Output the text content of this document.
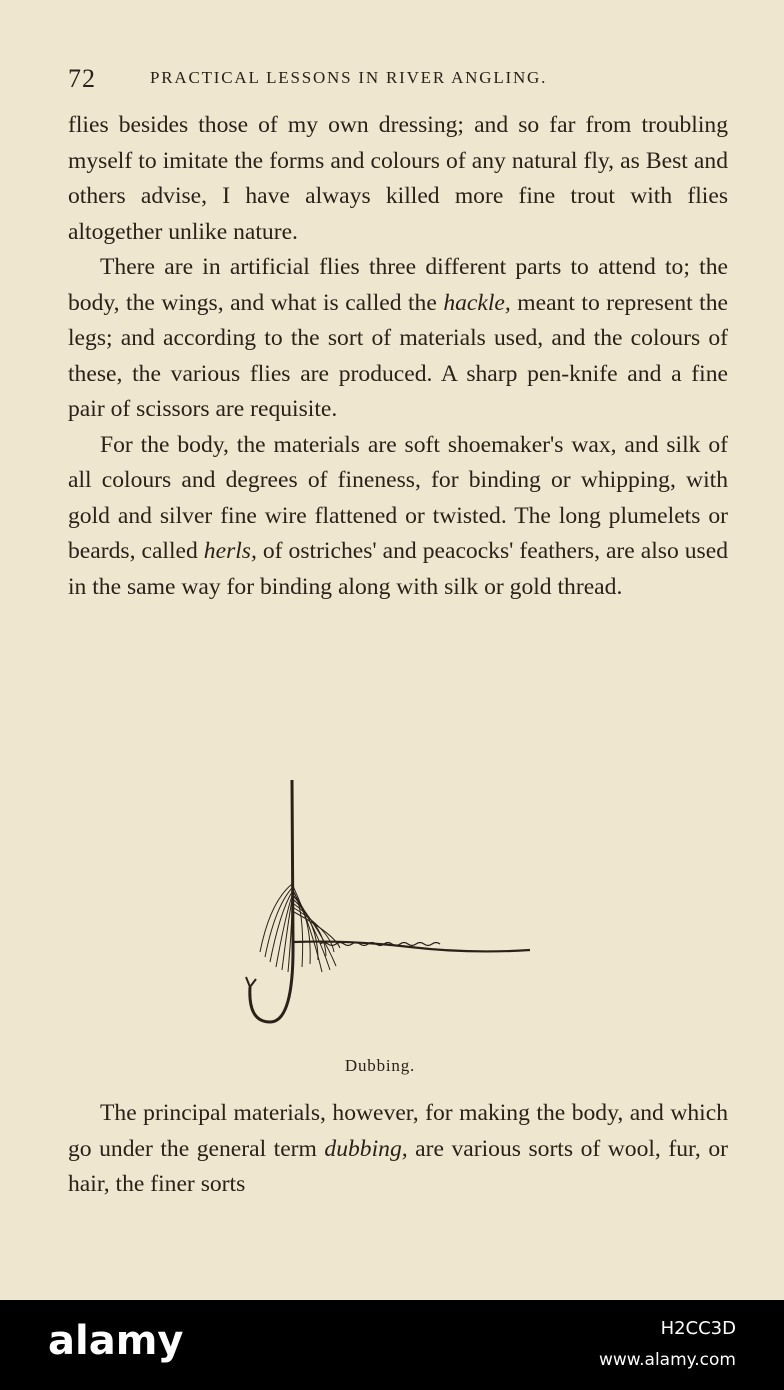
72	PRACTICAL LESSONS IN RIVER ANGLING.

flies besides those of my own dressing; and so far from troubling myself to imitate the forms and colours of any natural fly, as Best and others advise, I have always killed more fine trout with flies altogether unlike nature.

There are in artificial flies three different parts to attend to; the body, the wings, and what is called the hackle, meant to represent the legs; and according to the sort of materials used, and the colours of these, the various flies are produced. A sharp pen-knife and a fine pair of scissors are requisite.

For the body, the materials are soft shoemaker's wax, and silk of all colours and degrees of fineness, for binding or whipping, with gold and silver fine wire flattened or twisted. The long plumelets or beards, called herls, of ostriches' and peacocks' feathers, are also used in the same way for binding along with silk or gold thread.

Dubbing.

The principal materials, however, for making the body, and which go under the general term dubbing, are various sorts of wool, fur, or hair, the finer sorts

alamy	H2CC3D
www.alamy.com
